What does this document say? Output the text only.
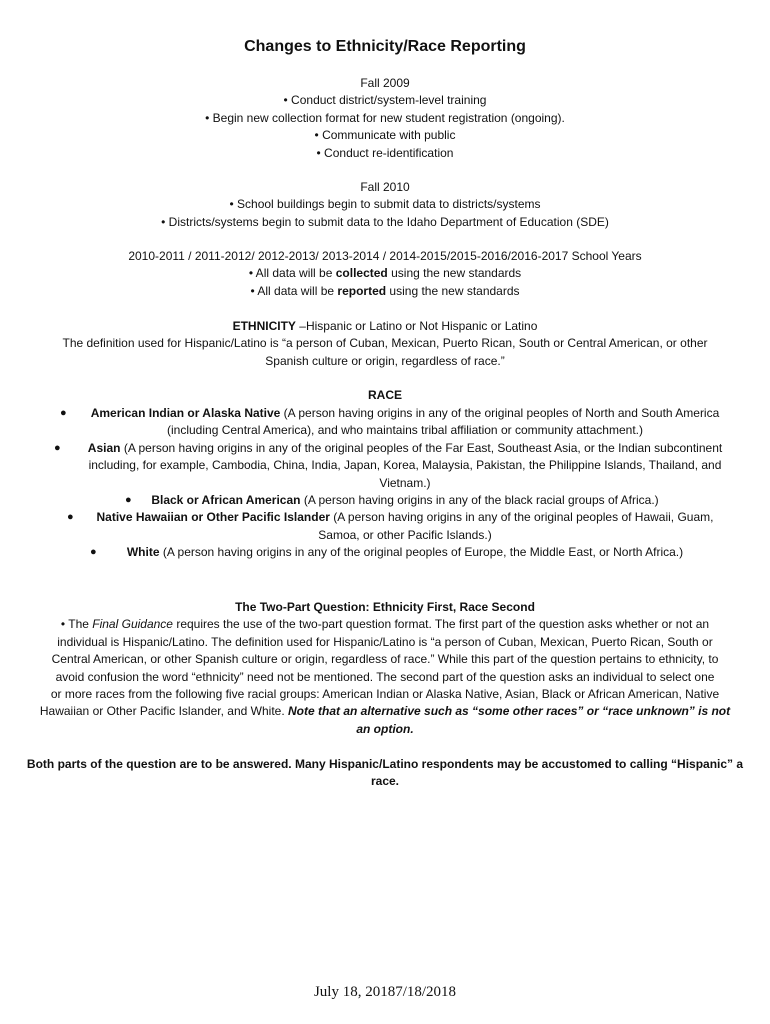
Changes to Ethnicity/Race Reporting
Fall 2009
• Conduct district/system-level training
• Begin new collection format for new student registration (ongoing).
• Communicate with public
• Conduct re-identification
Fall 2010
• School buildings begin to submit data to districts/systems
• Districts/systems begin to submit data to the Idaho Department of Education (SDE)
2010-2011 / 2011-2012/ 2012-2013/ 2013-2014 / 2014-2015/2015-2016/2016-2017 School Years
• All data will be collected using the new standards
• All data will be reported using the new standards
ETHNICITY –Hispanic or Latino or Not Hispanic or Latino
The definition used for Hispanic/Latino is “a person of Cuban, Mexican, Puerto Rican, South or Central American, or other
Spanish culture or origin, regardless of race.”
RACE
●	American Indian or Alaska Native (A person having origins in any of the original peoples of North and South America
(including Central America), and who maintains tribal affiliation or community attachment.)
●	Asian (A person having origins in any of the original peoples of the Far East, Southeast Asia, or the Indian subcontinent
including, for example, Cambodia, China, India, Japan, Korea, Malaysia, Pakistan, the Philippine Islands, Thailand, and
Vietnam.)
●	Black or African American (A person having origins in any of the black racial groups of Africa.)
●	Native Hawaiian or Other Pacific Islander (A person having origins in any of the original peoples of Hawaii, Guam,
Samoa, or other Pacific Islands.)
●	White (A person having origins in any of the original peoples of Europe, the Middle East, or North Africa.)
The Two-Part Question: Ethnicity First, Race Second
• The Final Guidance requires the use of the two-part question format. The first part of the question asks whether or not an
individual is Hispanic/Latino. The definition used for Hispanic/Latino is “a person of Cuban, Mexican, Puerto Rican, South or
Central American, or other Spanish culture or origin, regardless of race.” While this part of the question pertains to ethnicity, to
avoid confusion the word “ethnicity” need not be mentioned. The second part of the question asks an individual to select one
or more races from the following five racial groups: American Indian or Alaska Native, Asian, Black or African American, Native
Hawaiian or Other Pacific Islander, and White. Note that an alternative such as “some other races” or “race unknown” is not
an option.
Both parts of the question are to be answered. Many Hispanic/Latino respondents may be accustomed to calling “Hispanic” a
race.
July 18, 20187/18/2018
